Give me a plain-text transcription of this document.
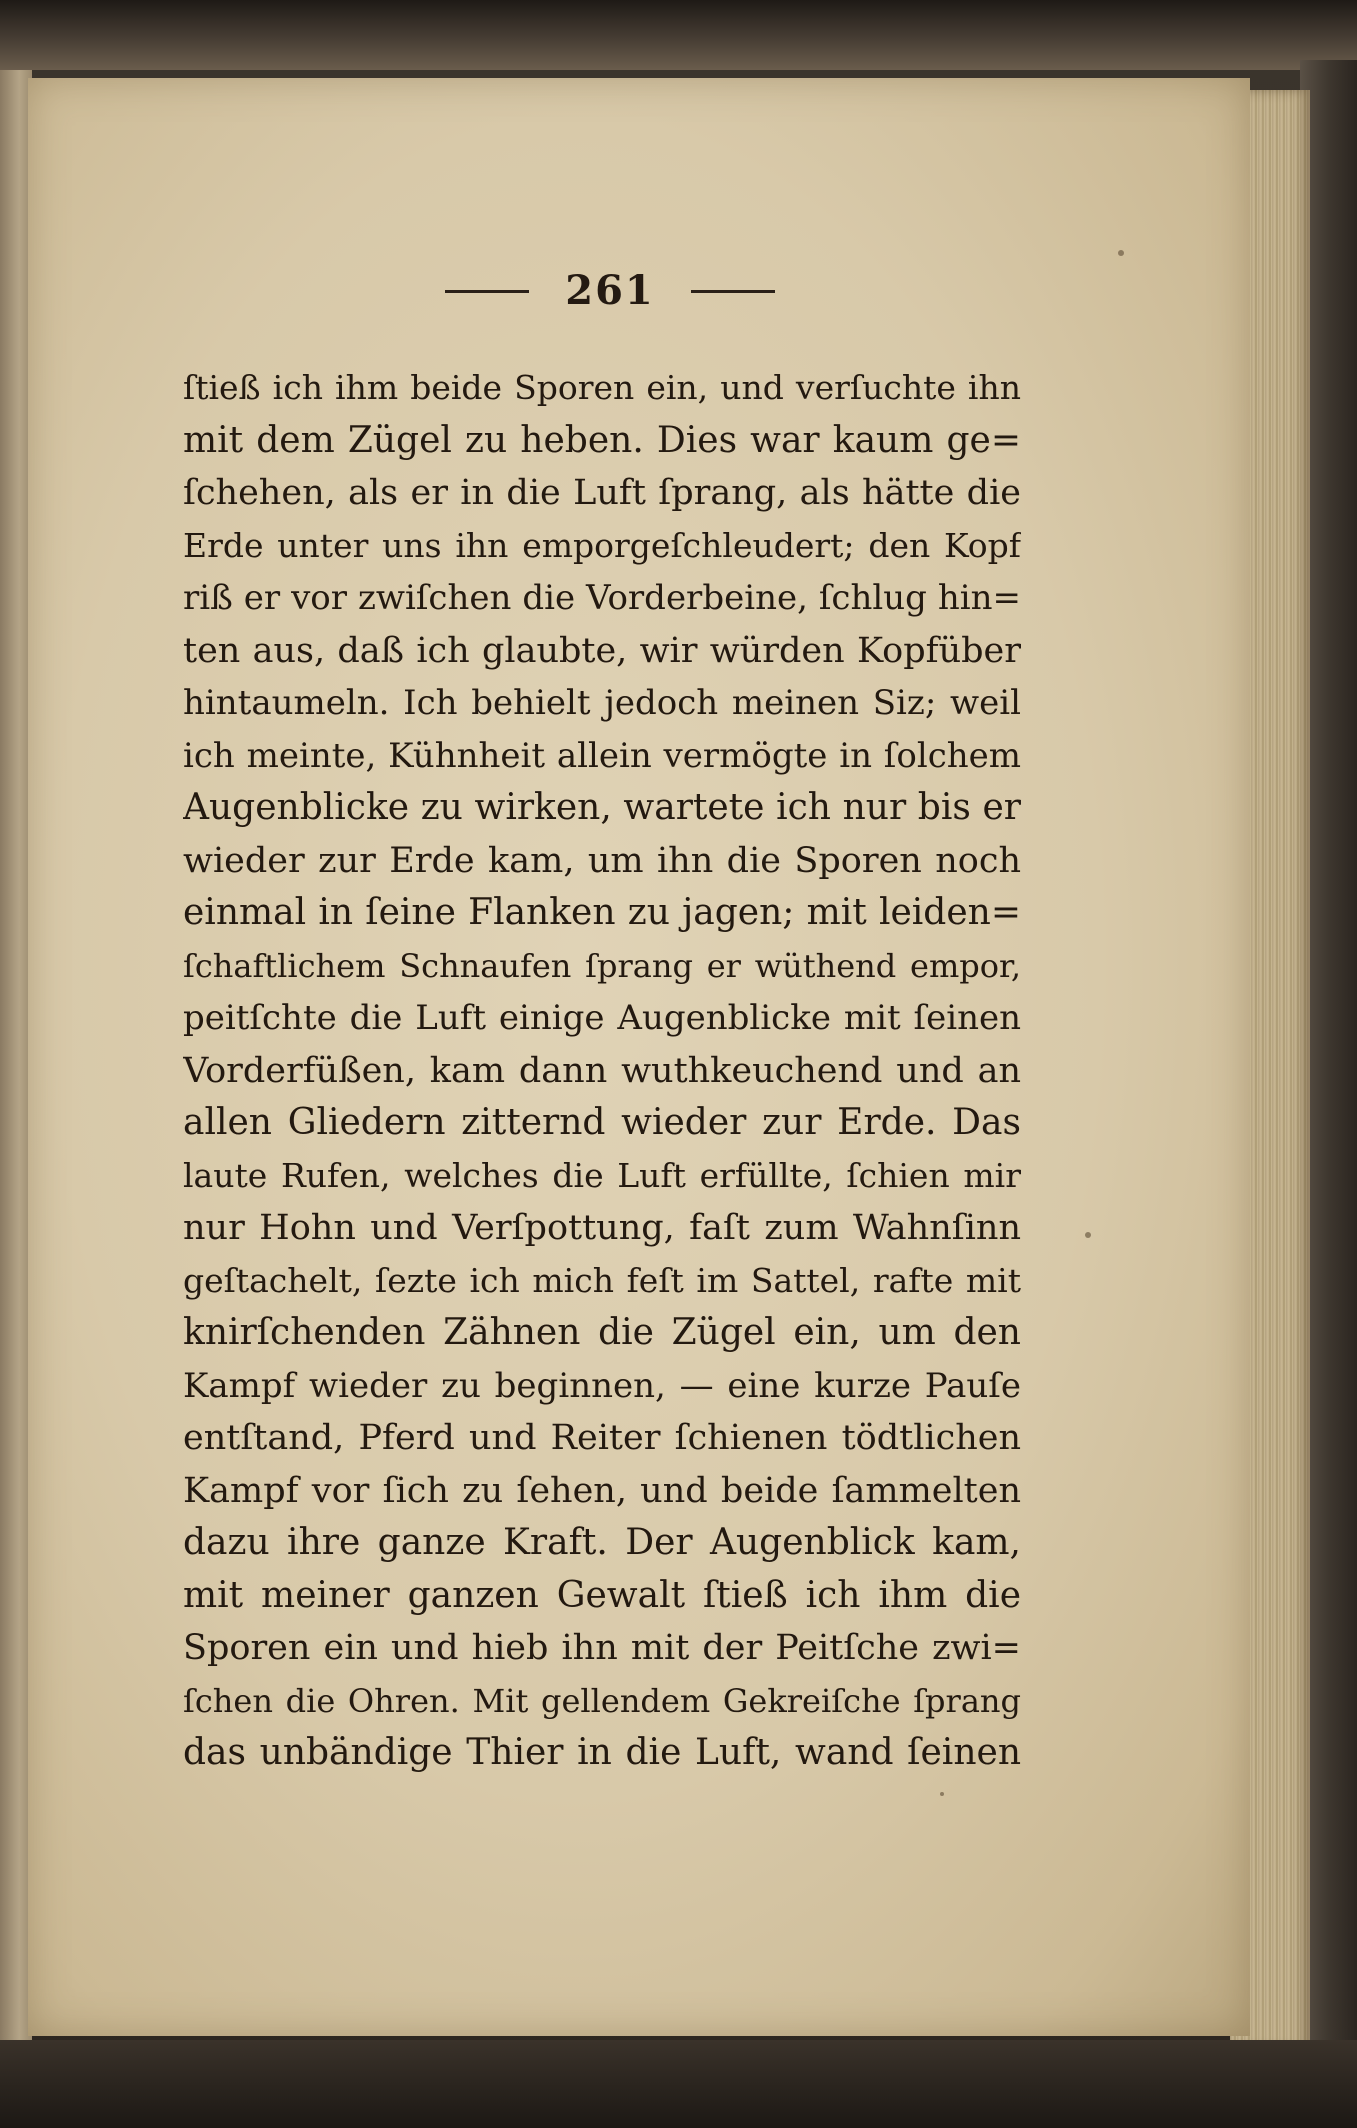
261
ſtieß ich ihm beide Sporen ein, und verſuchte ihn
mit dem Zügel zu heben. Dies war kaum ge=
ſchehen, als er in die Luft ſprang, als hätte die
Erde unter uns ihn emporgeſchleudert; den Kopf
riß er vor zwiſchen die Vorderbeine, ſchlug hin=
ten aus, daß ich glaubte, wir würden Kopfüber
hintaumeln. Ich behielt jedoch meinen Siz; weil
ich meinte, Kühnheit allein vermögte in ſolchem
Augenblicke zu wirken, wartete ich nur bis er
wieder zur Erde kam, um ihn die Sporen noch
einmal in ſeine Flanken zu jagen; mit leiden=
ſchaftlichem Schnaufen ſprang er wüthend empor,
peitſchte die Luft einige Augenblicke mit ſeinen
Vorderfüßen, kam dann wuthkeuchend und an
allen Gliedern zitternd wieder zur Erde. Das
laute Rufen, welches die Luft erfüllte, ſchien mir
nur Hohn und Verſpottung, faſt zum Wahnſinn
geſtachelt, ſezte ich mich feſt im Sattel, rafte mit
knirſchenden Zähnen die Zügel ein, um den
Kampf wieder zu beginnen, — eine kurze Pauſe
entſtand, Pferd und Reiter ſchienen tödtlichen
Kampf vor ſich zu ſehen, und beide ſammelten
dazu ihre ganze Kraft. Der Augenblick kam,
mit meiner ganzen Gewalt ſtieß ich ihm die
Sporen ein und hieb ihn mit der Peitſche zwi=
ſchen die Ohren. Mit gellendem Gekreiſche ſprang
das unbändige Thier in die Luft, wand ſeinen
